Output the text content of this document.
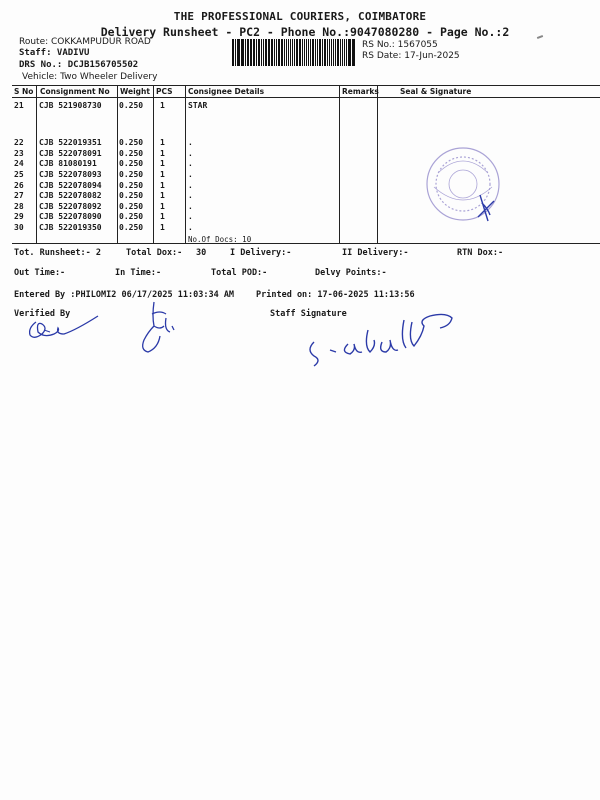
THE PROFESSIONAL COURIERS, COIMBATORE
Delivery Runsheet - PC2 - Phone No.:9047080280 - Page No.:2
Route: COKKAMPUDUR ROAD
Staff: VADIVU
DRS No.: DCJB156705502
Vehicle: Two Wheeler Delivery
RS No.: 1567055
RS Date: 17-Jun-2025
S No Consignment No Weight PCS Consignee Details	Remarks	Seal & Signature
21 CJB 521908730 0.250 1	STAR
22 CJB 522019351 0.250 1	.
23 CJB 522078091 0.250 1	.
24 CJB 81080191	0.250 1	.
25 CJB 522078093 0.250 1	.
26 CJB 522078094 0.250 1	.
27 CJB 522078082 0.250 1	.
28 CJB 522078092 0.250 1	.
29 CJB 522078090 0.250 1	.
30 CJB 522019350 0.250 1	.
No.Of Docs: 10
Tot. Runsheet:- 2	Total Dox:- 30	I Delivery:-	II Delivery:-	RTN Dox:-
Out Time:-	In Time:-	Total POD:-	Delvy Points:-
Entered By :PHILOMI2 06/17/2025 11:03:34 AM	Printed on: 17-06-2025 11:13:56
Verified By	Staff Signature
